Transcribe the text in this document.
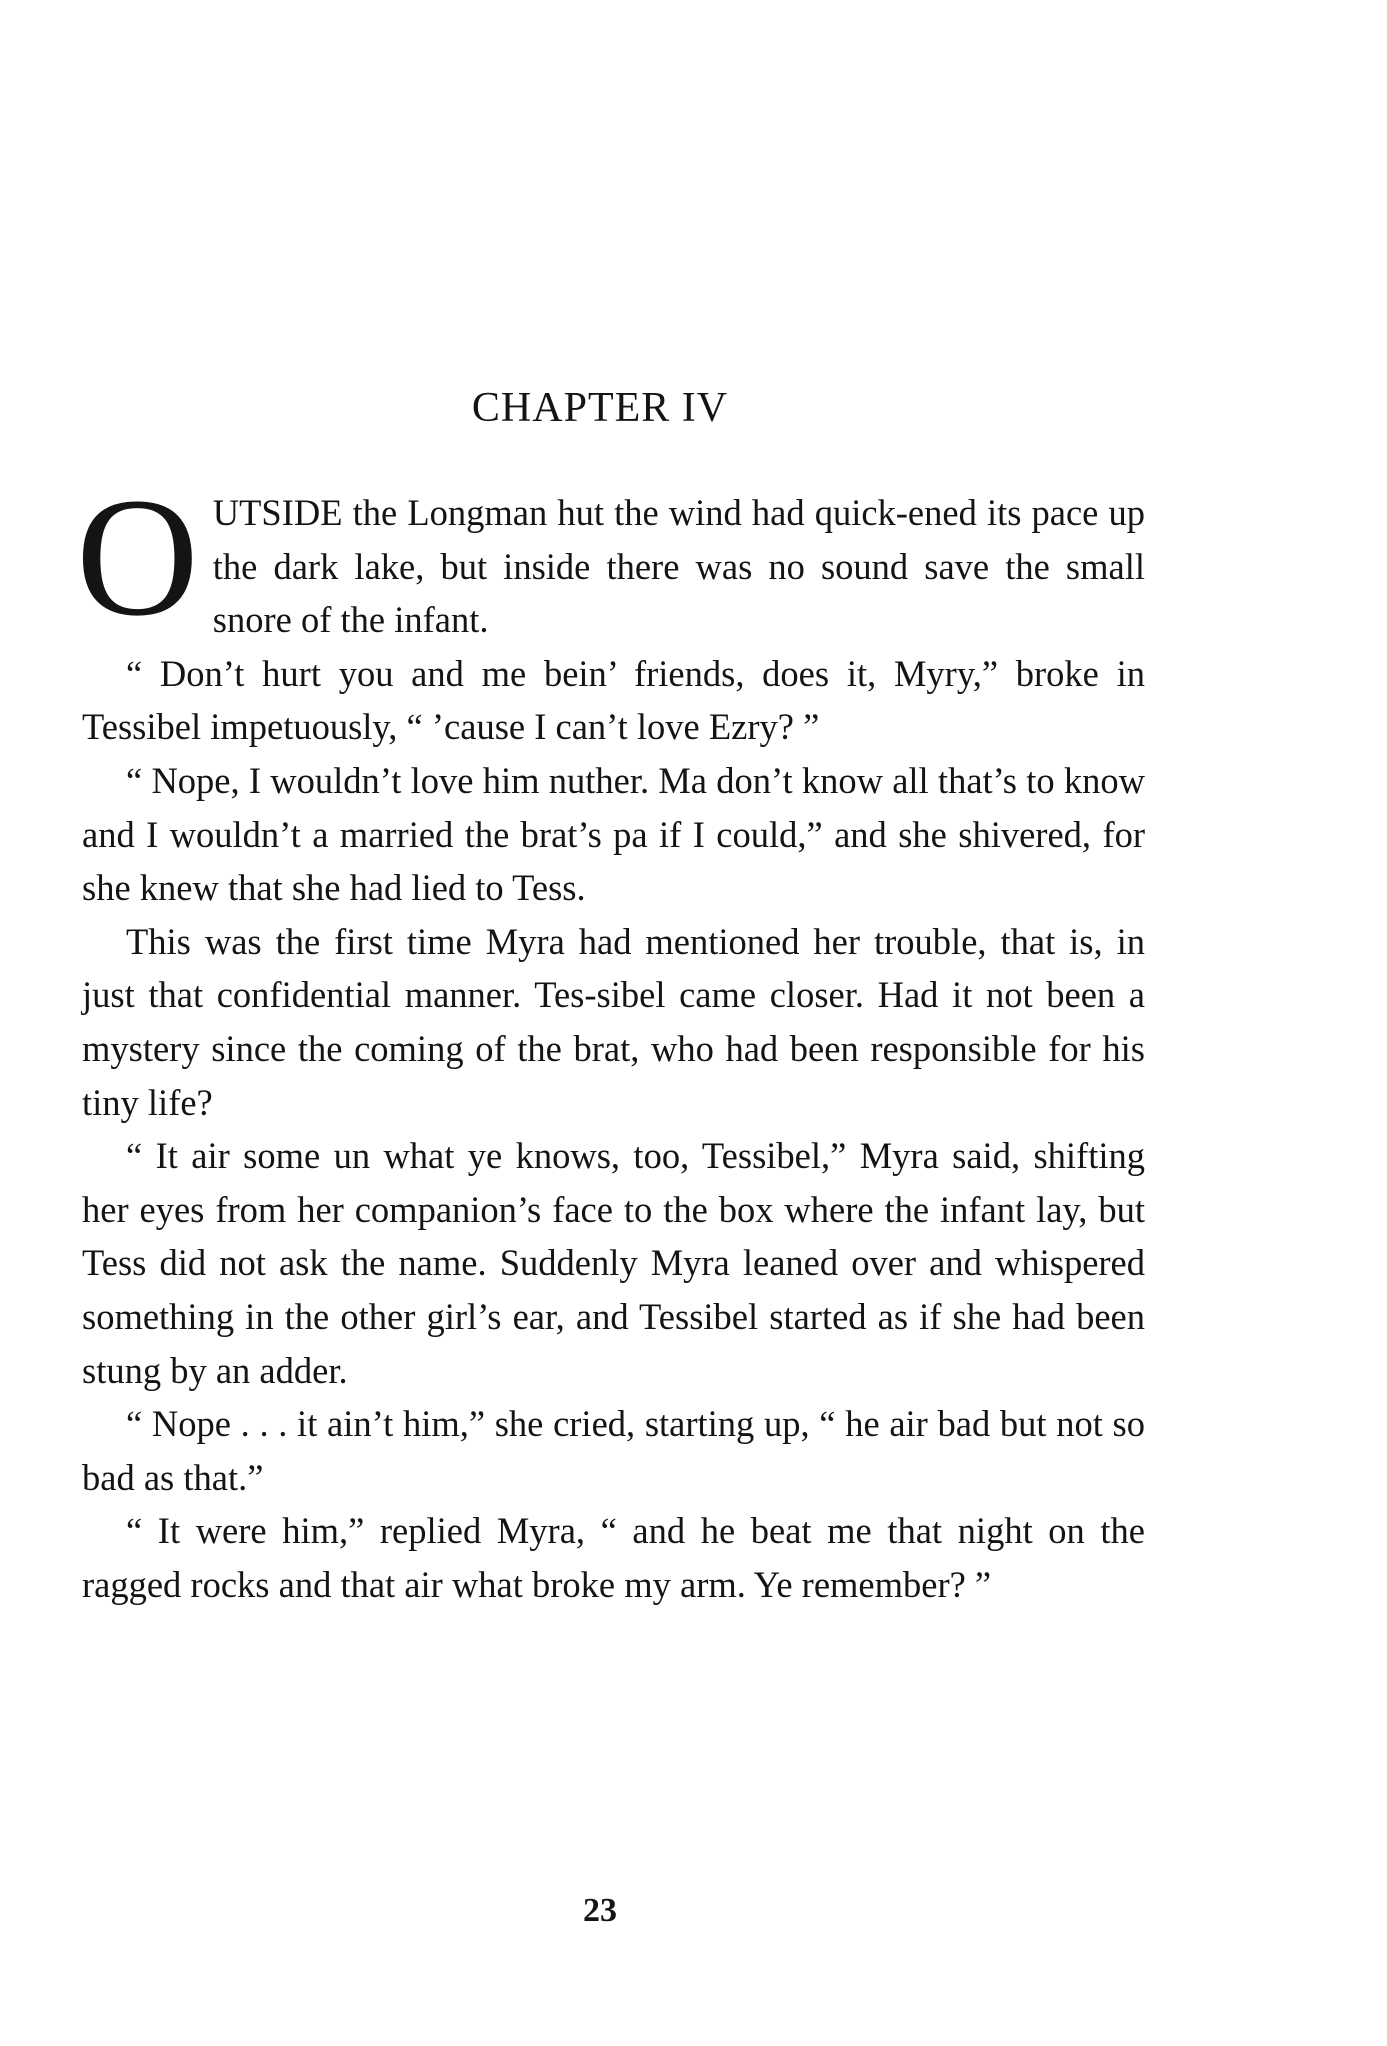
CHAPTER IV

OUTSIDE the Longman hut the wind had quick-ened its pace up the dark lake, but inside there was no sound save the small snore of the infant.

“ Don’t hurt you and me bein’ friends, does it, Myry,” broke in Tessibel impetuously, “ ’cause I can’t love Ezry? ”

“ Nope, I wouldn’t love him nuther. Ma don’t know all that’s to know and I wouldn’t a married the brat’s pa if I could,” and she shivered, for she knew that she had lied to Tess.

This was the first time Myra had mentioned her trouble, that is, in just that confidential manner. Tes-sibel came closer. Had it not been a mystery since the coming of the brat, who had been responsible for his tiny life?

“ It air some un what ye knows, too, Tessibel,” Myra said, shifting her eyes from her companion’s face to the box where the infant lay, but Tess did not ask the name. Suddenly Myra leaned over and whispered something in the other girl’s ear, and Tessibel started as if she had been stung by an adder.

“ Nope . . . it ain’t him,” she cried, starting up, “ he air bad but not so bad as that.”

“ It were him,” replied Myra, “ and he beat me that night on the ragged rocks and that air what broke my arm. Ye remember? ”

23
